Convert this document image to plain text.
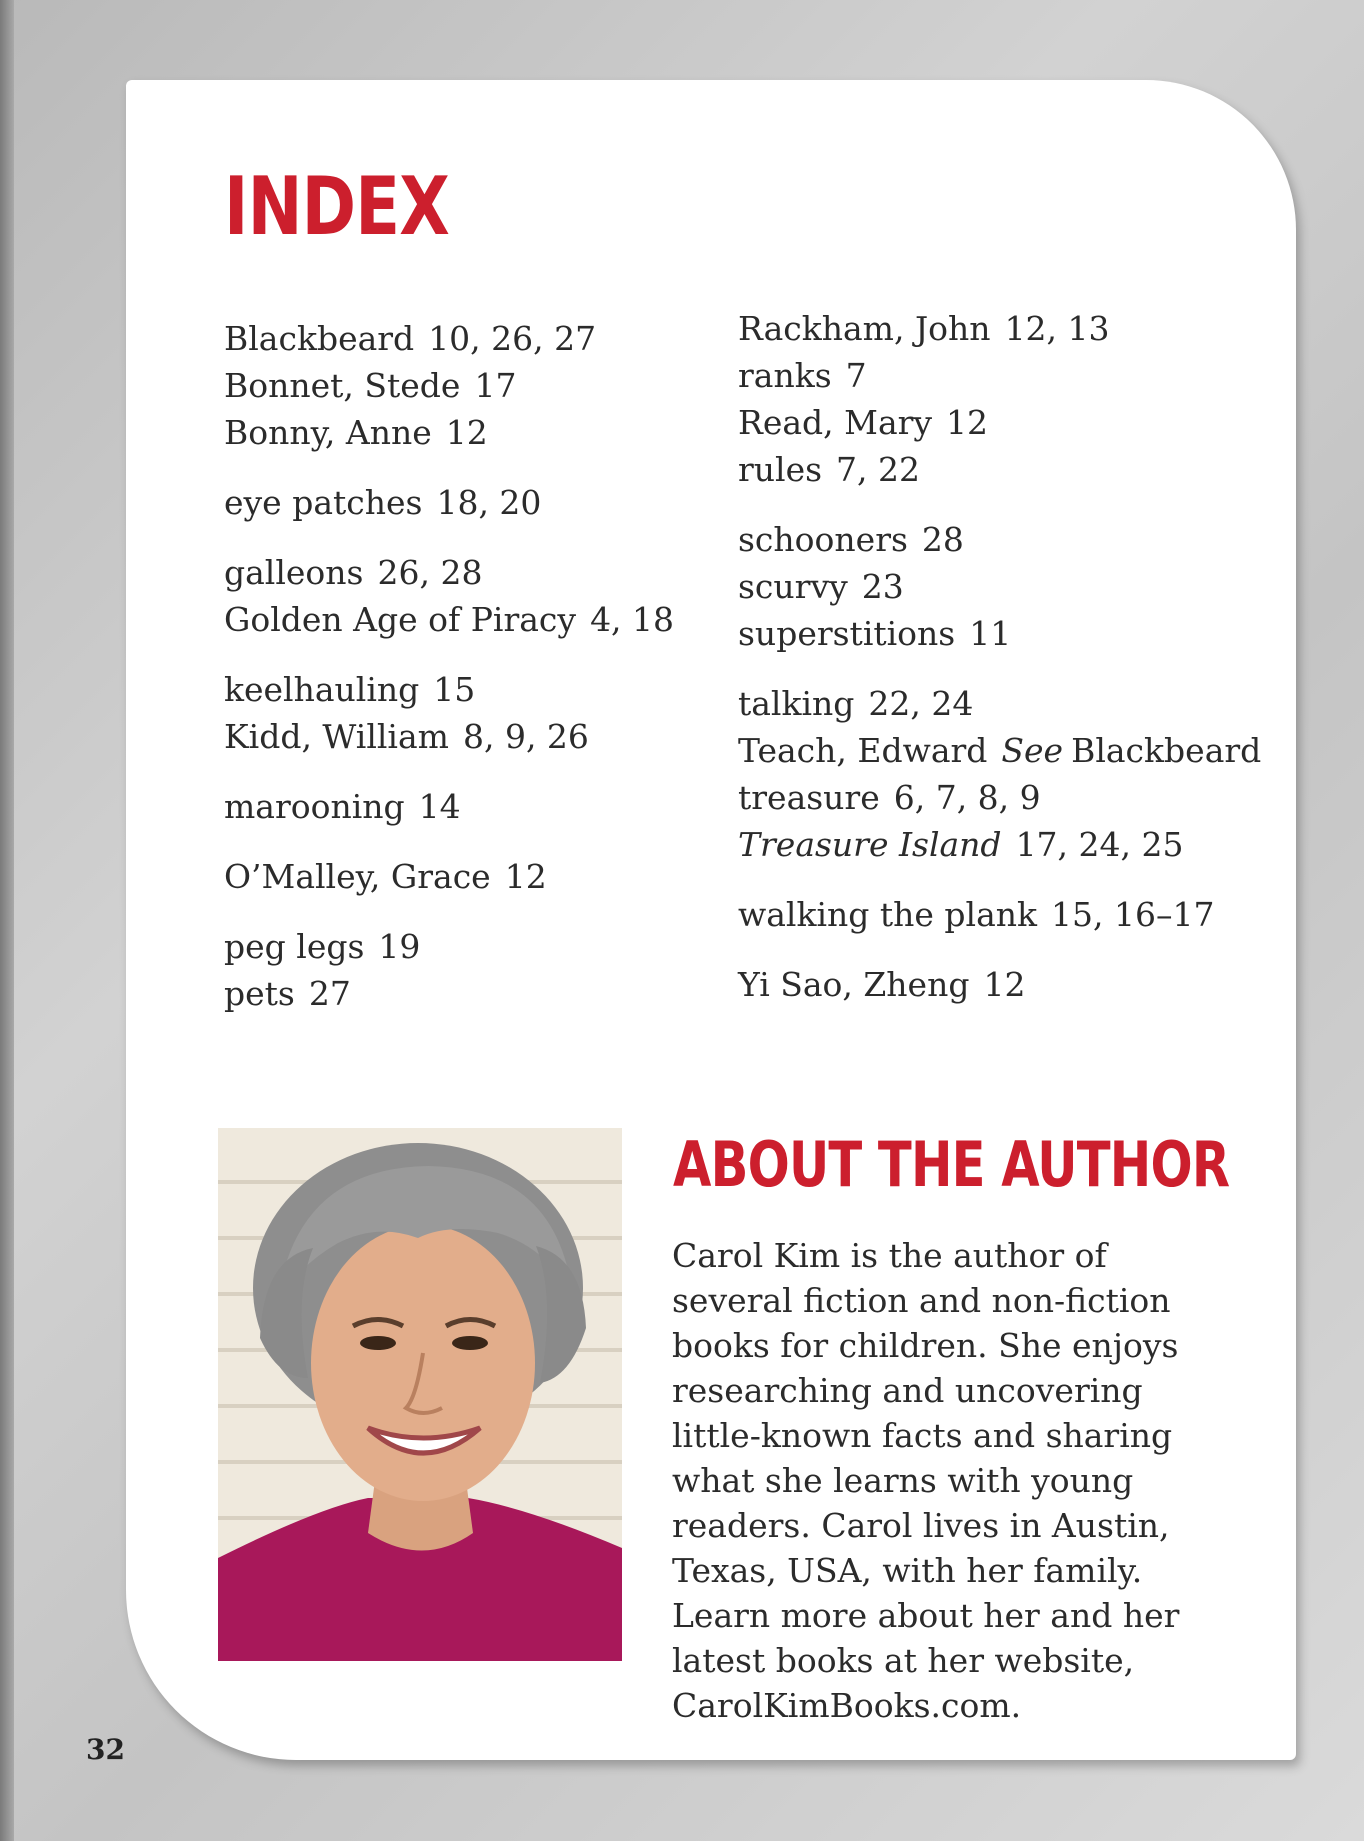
INDEX
Blackbeard 10, 26, 27
Bonnet, Stede 17
Bonny, Anne 12
eye patches 18, 20
galleons 26, 28
Golden Age of Piracy 4, 18
keelhauling 15
Kidd, William 8, 9, 26
marooning 14
O’Malley, Grace 12
peg legs 19
pets 27
Rackham, John 12, 13
ranks 7
Read, Mary 12
rules 7, 22
schooners 28
scurvy 23
superstitions 11
talking 22, 24
Teach, Edward See Blackbeard
treasure 6, 7, 8, 9
Treasure Island 17, 24, 25
walking the plank 15, 16–17
Yi Sao, Zheng 12
ABOUT THE AUTHOR

Carol Kim is the author of several fiction and non-fiction books for children. She enjoys researching and uncovering little-known facts and sharing what she learns with young readers. Carol lives in Austin, Texas, USA, with her family. Learn more about her and her latest books at her website, CarolKimBooks.com.

32
